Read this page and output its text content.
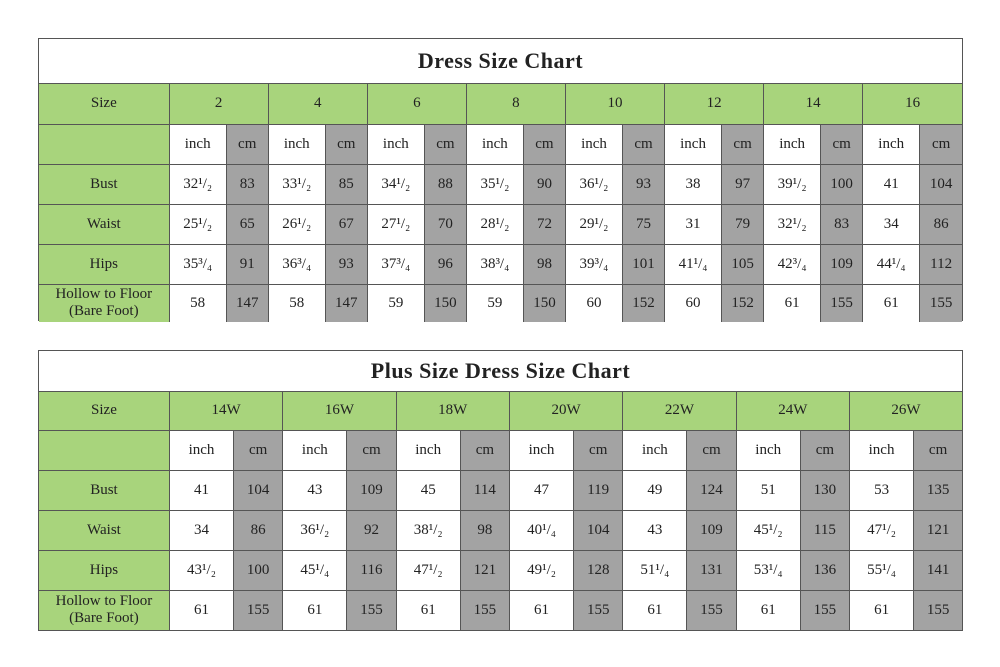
Dress Size Chart
Size	2		4		6		8		10		12		14		16	
	inch	cm	inch	cm	inch	cm	inch	cm	inch	cm	inch	cm	inch	cm	inch	cm
Bust	32¹/₂	83	33¹/₂	85	34¹/₂	88	35¹/₂	90	36¹/₂	93	38	97	39¹/₂	100	41	104
Waist	25¹/₂	65	26¹/₂	67	27¹/₂	70	28¹/₂	72	29¹/₂	75	31	79	32¹/₂	83	34	86
Hips	35³/₄	91	36³/₄	93	37³/₄	96	38³/₄	98	39³/₄	101	41¹/₄	105	42³/₄	109	44¹/₄	112
Hollow to Floor
(Bare Foot)	58	147	58	147	59	150	59	150	60	152	60	152	61	155	61	155
Plus Size Dress Size Chart
Size	14W		16W		18W		20W		22W		24W		26W	
	inch	cm	inch	cm	inch	cm	inch	cm	inch	cm	inch	cm	inch	cm
Bust	41	104	43	109	45	114	47	119	49	124	51	130	53	135
Waist	34	86	36¹/₂	92	38¹/₂	98	40¹/₄	104	43	109	45¹/₂	115	47¹/₂	121
Hips	43¹/₂	100	45¹/₄	116	47¹/₂	121	49¹/₂	128	51¹/₄	131	53¹/₄	136	55¹/₄	141
Hollow to Floor
(Bare Foot)	61	155	61	155	61	155	61	155	61	155	61	155	61	155
